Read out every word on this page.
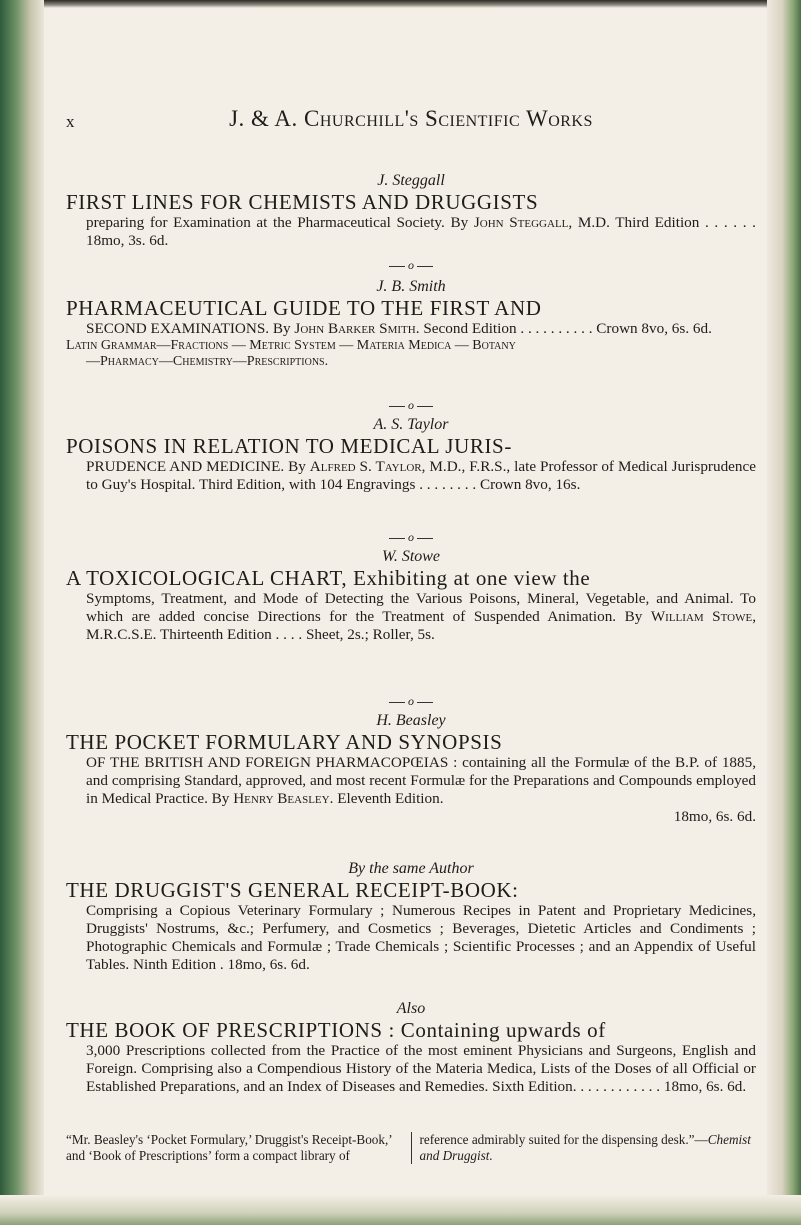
x	J. & A. Churchill's Scientific Works
J. Steggall
FIRST LINES FOR CHEMISTS AND DRUGGISTS
preparing for Examination at the Pharmaceutical Society. By John Steggall, M.D. Third Edition . . . . . . 18mo, 3s. 6d.
o
J. B. Smith
PHARMACEUTICAL GUIDE TO THE FIRST AND
SECOND EXAMINATIONS. By John Barker Smith. Second Edition . . . . . . . . . . Crown 8vo, 6s. 6d.
Latin Grammar—Fractions — Metric System — Materia Medica — Botany
—Pharmacy—Chemistry—Prescriptions.
o
A. S. Taylor
POISONS IN RELATION TO MEDICAL JURIS-
PRUDENCE AND MEDICINE. By Alfred S. Taylor, M.D., F.R.S., late Professor of Medical Jurisprudence to Guy's Hospital. Third Edition, with 104 Engravings . . . . . . . . Crown 8vo, 16s.
o
W. Stowe
A TOXICOLOGICAL CHART, Exhibiting at one view the
Symptoms, Treatment, and Mode of Detecting the Various Poisons, Mineral, Vegetable, and Animal. To which are added concise Directions for the Treatment of Suspended Animation. By William Stowe, M.R.C.S.E. Thirteenth Edition . . . . Sheet, 2s.; Roller, 5s.
o
H. Beasley
THE POCKET FORMULARY AND SYNOPSIS
OF THE BRITISH AND FOREIGN PHARMACOPŒIAS : containing all the Formulæ of the B.P. of 1885, and comprising Standard, approved, and most recent Formulæ for the Preparations and Compounds employed in Medical Practice. By Henry Beasley. Eleventh Edition.
18mo, 6s. 6d.
By the same Author
THE DRUGGIST'S GENERAL RECEIPT-BOOK:
Comprising a Copious Veterinary Formulary ; Numerous Recipes in Patent and Proprietary Medicines, Druggists' Nostrums, &c.; Perfumery, and Cosmetics ; Beverages, Dietetic Articles and Condiments ; Photographic Chemicals and Formulæ ; Trade Chemicals ; Scientific Processes ; and an Appendix of Useful Tables. Ninth Edition . 18mo, 6s. 6d.
Also
THE BOOK OF PRESCRIPTIONS : Containing upwards of
3,000 Prescriptions collected from the Practice of the most eminent Physicians and Surgeons, English and Foreign. Comprising also a Compendious History of the Materia Medica, Lists of the Doses of all Official or Established Preparations, and an Index of Diseases and Remedies. Sixth Edition. . . . . . . . . . . . 18mo, 6s. 6d.
“Mr. Beasley's ‘Pocket Formulary,’ Druggist's Receipt-Book,’ and ‘Book of Prescriptions’ form a compact library of
reference admirably suited for the dispensing desk.”—Chemist and Druggist.
